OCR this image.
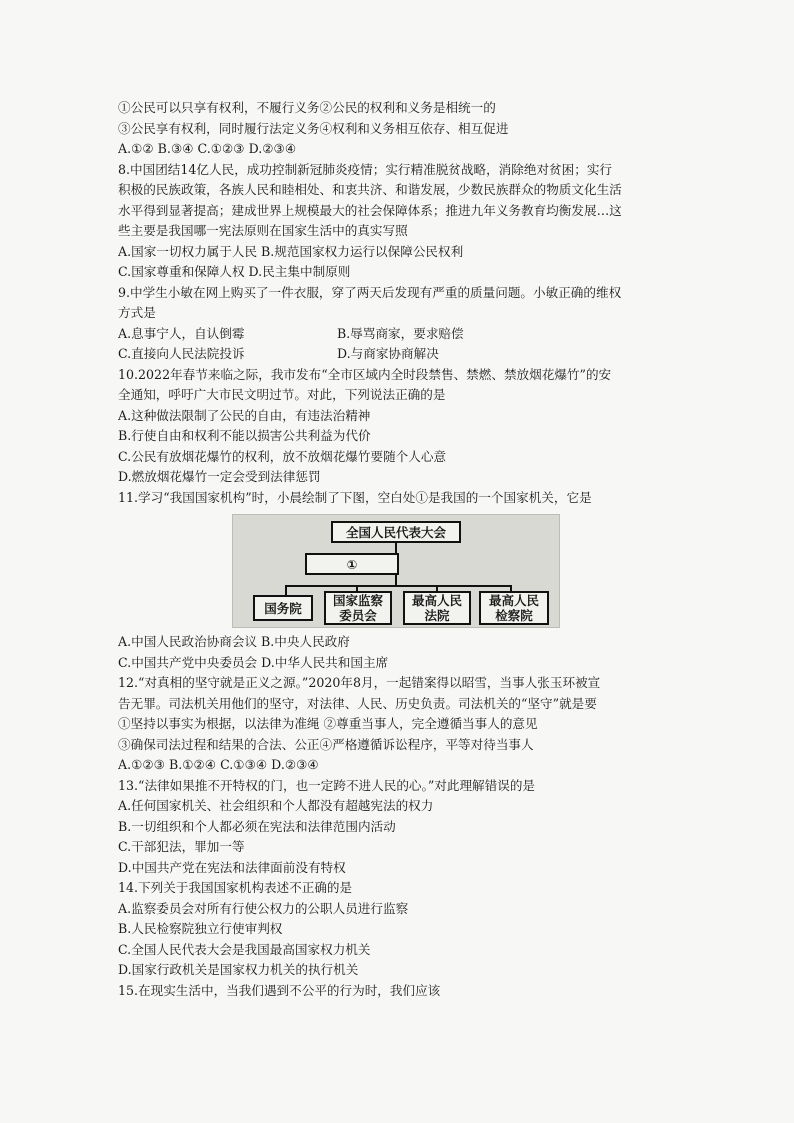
①公民可以只享有权利，不履行义务②公民的权利和义务是相统一的
③公民享有权利，同时履行法定义务④权利和义务相互依存、相互促进
A.①② B.③④ C.①②③ D.②③④
8.中国团结14亿人民，成功控制新冠肺炎疫情；实行精准脱贫战略，消除绝对贫困；实行
积极的民族政策，各族人民和睦相处、和衷共济、和谐发展，少数民族群众的物质文化生活
水平得到显著提高；建成世界上规模最大的社会保障体系；推进九年义务教育均衡发展…这
些主要是我国哪一宪法原则在国家生活中的真实写照
A.国家一切权力属于人民 B.规范国家权力运行以保障公民权利
C.国家尊重和保障人权 D.民主集中制原则
9.中学生小敏在网上购买了一件衣服，穿了两天后发现有严重的质量问题。小敏正确的维权
方式是
A.息事宁人，自认倒霉	B.辱骂商家，要求赔偿
C.直接向人民法院投诉	D.与商家协商解决
10.2022年春节来临之际，我市发布“全市区域内全时段禁售、禁燃、禁放烟花爆竹”的安
全通知，呼吁广大市民文明过节。对此，下列说法正确的是
A.这种做法限制了公民的自由，有违法治精神
B.行使自由和权利不能以损害公共利益为代价
C.公民有放烟花爆竹的权利，放不放烟花爆竹要随个人心意
D.燃放烟花爆竹一定会受到法律惩罚
11.学习“我国国家机构”时，小晨绘制了下图，空白处①是我国的一个国家机关，它是
全国人民代表大会
①
国务院	国家监察
委员会
最高人民
法院
最高人民
检察院
A.中国人民政治协商会议 B.中央人民政府
C.中国共产党中央委员会 D.中华人民共和国主席
12.“对真相的坚守就是正义之源。”2020年8月，一起错案得以昭雪，当事人张玉环被宣
告无罪。司法机关用他们的坚守，对法律、人民、历史负责。司法机关的“坚守”就是要
①坚持以事实为根据，以法律为准绳 ②尊重当事人，完全遵循当事人的意见
③确保司法过程和结果的合法、公正④严格遵循诉讼程序，平等对待当事人
A.①②③ B.①②④ C.①③④ D.②③④
13.“法律如果推不开特权的门，也一定跨不进人民的心。”对此理解错误的是
A.任何国家机关、社会组织和个人都没有超越宪法的权力
B.一切组织和个人都必须在宪法和法律范围内活动
C.干部犯法，罪加一等
D.中国共产党在宪法和法律面前没有特权
14.下列关于我国国家机构表述不正确的是
A.监察委员会对所有行使公权力的公职人员进行监察
B.人民检察院独立行使审判权
C.全国人民代表大会是我国最高国家权力机关
D.国家行政机关是国家权力机关的执行机关
15.在现实生活中，当我们遇到不公平的行为时，我们应该
